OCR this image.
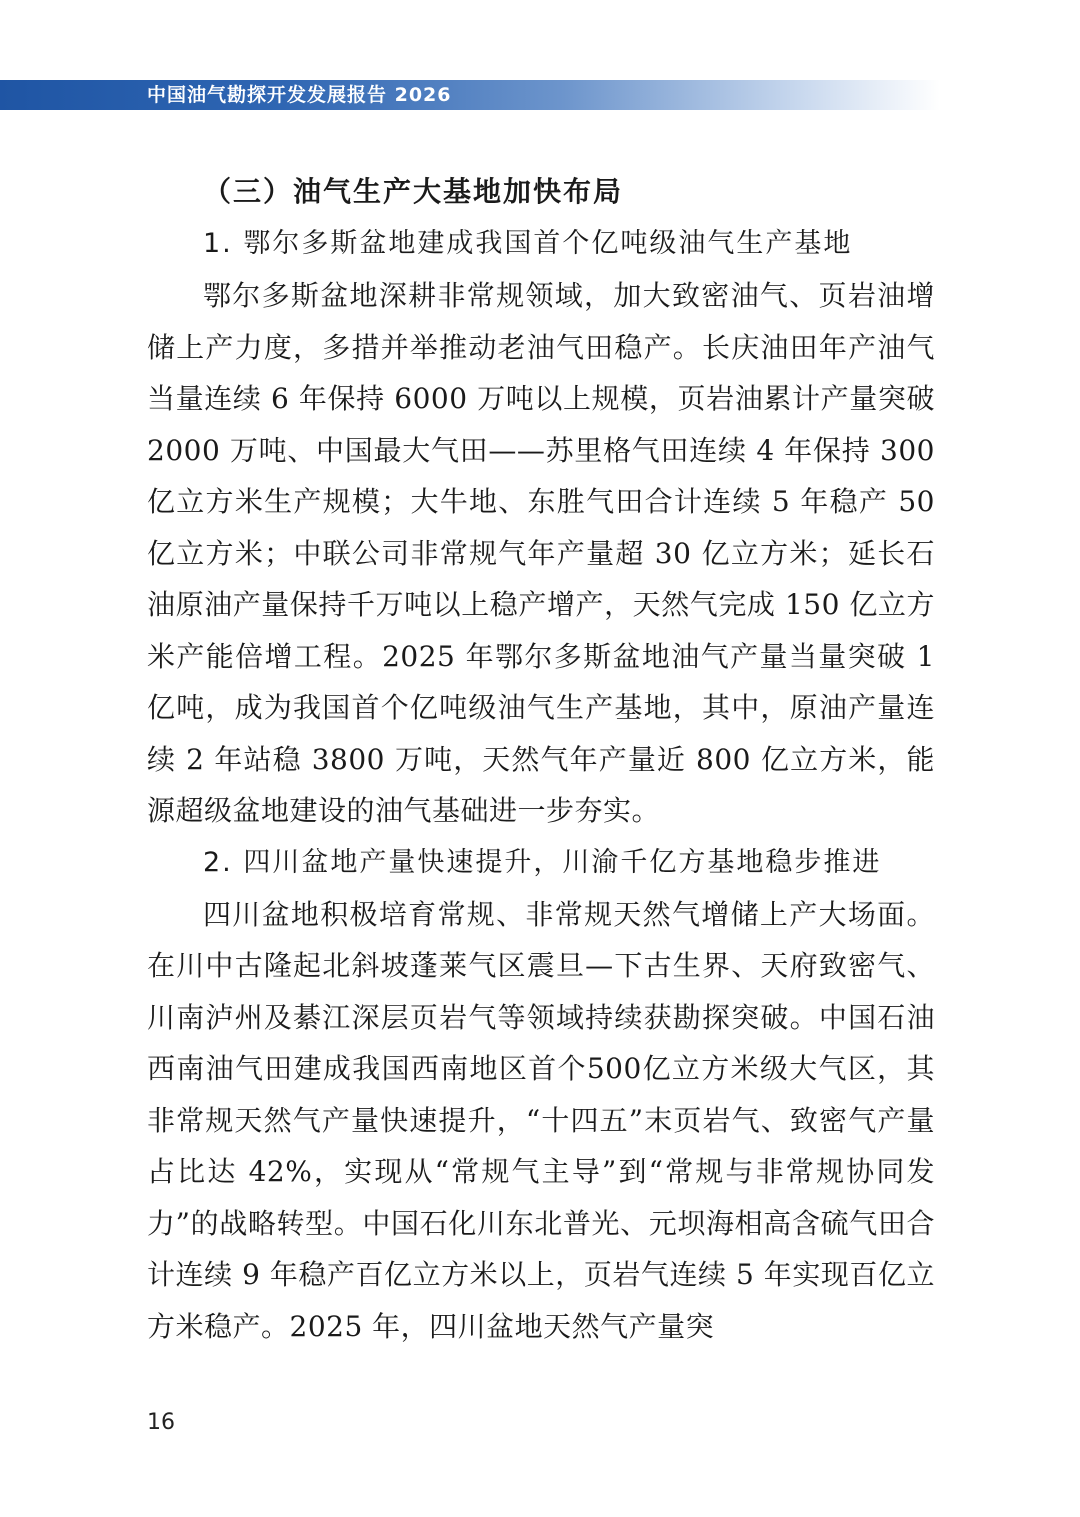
中国油气勘探开发发展报告 2026
（三）油气生产大基地加快布局
1. 鄂尔多斯盆地建成我国首个亿吨级油气生产基地

鄂尔多斯盆地深耕非常规领域，加大致密油气、页岩油增储上产力度，多措并举推动老油气田稳产。长庆油田年产油气当量连续 6 年保持 6000 万吨以上规模，页岩油累计产量突破 2000 万吨、中国最大气田——苏里格气田连续 4 年保持 300 亿立方米生产规模；大牛地、东胜气田合计连续 5 年稳产 50 亿立方米；中联公司非常规气年产量超 30 亿立方米；延长石油原油产量保持千万吨以上稳产增产，天然气完成 150 亿立方米产能倍增工程。2025 年鄂尔多斯盆地油气产量当量突破 1 亿吨，成为我国首个亿吨级油气生产基地，其中，原油产量连续 2 年站稳 3800 万吨，天然气年产量近 800 亿立方米，能源超级盆地建设的油气基础进一步夯实。

2. 四川盆地产量快速提升，川渝千亿方基地稳步推进

四川盆地积极培育常规、非常规天然气增储上产大场面。在川中古隆起北斜坡蓬莱气区震旦—下古生界、天府致密气、川南泸州及綦江深层页岩气等领域持续获勘探突破。中国石油西南油气田建成我国西南地区首个500亿立方米级大气区，其非常规天然气产量快速提升，“十四五”末页岩气、致密气产量占比达 42%，实现从“常规气主导”到“常规与非常规协同发力”的战略转型。中国石化川东北普光、元坝海相高含硫气田合计连续 9 年稳产百亿立方米以上，页岩气连续 5 年实现百亿立方米稳产。2025 年，四川盆地天然气产量突

16
